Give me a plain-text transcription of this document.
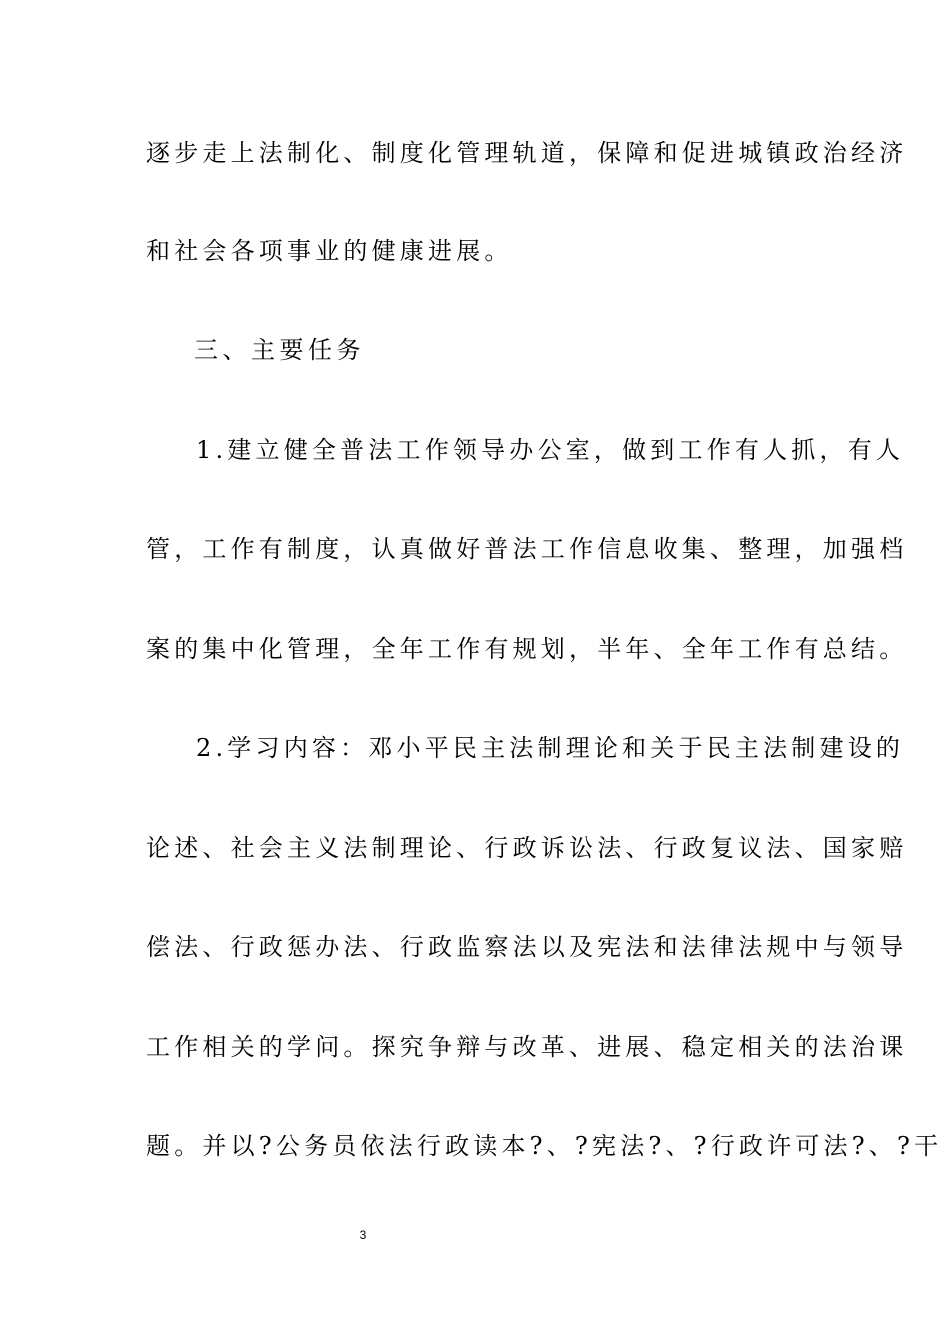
逐步走上法制化、制度化管理轨道，保障和促进城镇政治经济

和社会各项事业的健康进展。

三、主要任务

1.建立健全普法工作领导办公室，做到工作有人抓，有人

管，工作有制度，认真做好普法工作信息收集、整理，加强档

案的集中化管理，全年工作有规划，半年、全年工作有总结。

2.学习内容：邓小平民主法制理论和关于民主法制建设的

论述、社会主义法制理论、行政诉讼法、行政复议法、国家赔

偿法、行政惩办法、行政监察法以及宪法和法律法规中与领导

工作相关的学问。探究争辩与改革、进展、稳定相关的法治课

题。并以?公务员依法行政读本?、?宪法?、?行政许可法?、?干

3
